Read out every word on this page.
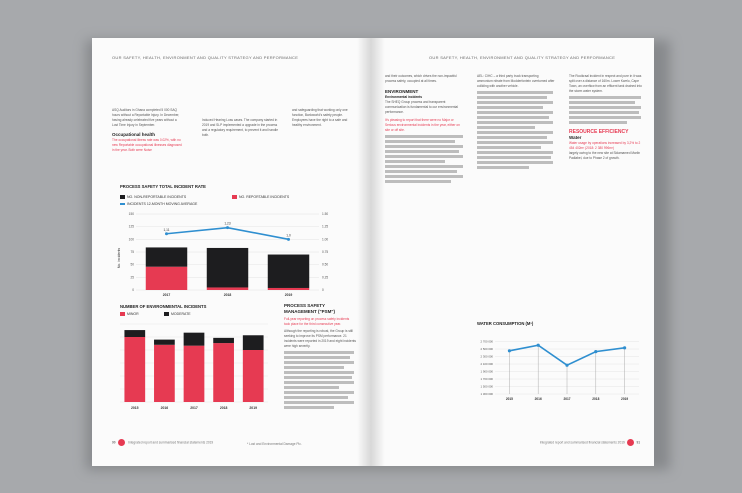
OUR SAFETY, HEALTH, ENVIRONMENT AND QUALITY STRATEGY AND PERFORMANCE
ASQ Auditors in Ghana completed 5 000 SAQ hours without a Reportable Injury. In December, having already celebrated five years without a Lost Time Injury in September.
Occupational health
The occupational illness rate was 0.02%, with no new Reportable occupational illnesses diagnosed in the year. Both were Noise
Induced Hearing Loss cases. The company started in 2019 and SLP implemented a upgrade in the process and a regulatory requirement, to prevent it and handle both.
and safeguarding that working only one function, Barloworld's safety people. Employees have the right to a safe and healthy environment.
PROCESS SAFETY TOTAL INCIDENT RATE
NO. NON-REPORTABLE INCIDENTS	NO. REPORTABLE INCIDENTS
INCIDENTS 12-MONTH MOVING AVERAGE
1,11
1,23
1,0
0
25
50
75
100
125
150
0
0.25
0.50
0.75
1.00
1.25
1.50
2017	2018	2019
No. incidents
NUMBER OF ENVIRONMENTAL INCIDENTS
MINOR	MODERATE
2015	2016	2017	2018	2019
PROCESS SAFETY MANAGEMENT ("PSM")
Full-year reporting on process safety incidents took place for the third consecutive year.
Although the reporting is robust, the Group is still seeking to improve its PSM performance. 21 incidents were reported in 2019 and eight incidents were high severity.
90	Integrated report and summarised financial statements 2019	* Lost and Environmental Damage Plc.
OUR SAFETY, HEALTH, ENVIRONMENT AND QUALITY STRATEGY AND PERFORMANCE
and their outcomes, which drives the non-impactful process safety, occupied at all times.
ENVIRONMENT
Environmental incidents
The SHEQ Group process and transparent communication is fundamental to our environmental performance.
It's pleasing to report that there were no Major or Serious environmental incidents in the year, either on site or off site.
AEL: CIHC – a third party truck transporting ammonium nitrate from Modderfontein overturned after colliding with another vehicle.
The Rooikraal incident in respect and pure in it was split over a distance of 160m. Lower Kwelo, Cape Town, an overflow from an effluent tank drained into the storm water system.
RESOURCE EFFICIENCY
Water
Water usage by operations increased by 3,2% to 2 454 402m³ (2018: 2 380 996m³)
largely owing to the new site at Sidamamed Marlin Padlabel, due to Phase 2 of growth.
WATER CONSUMPTION (M³)
1 300 000
1 500 000
1 700 000
1 900 000
2 100 000
2 300 000
2 500 000
2 700 000
2015	2016	2017	2018	2019
Integrated report and summarised financial statements 2019	91
